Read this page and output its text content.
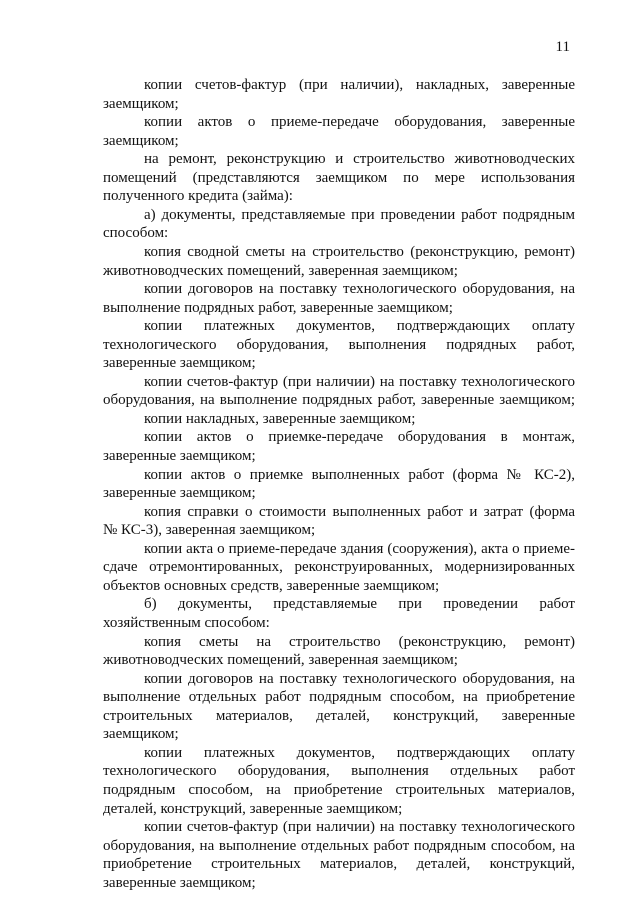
11
копии счетов-фактур (при наличии), накладных, заверенные
заемщиком;
копии актов о приеме-передаче оборудования, заверенные
заемщиком;
на ремонт, реконструкцию и строительство животноводческих
помещений (представляются заемщиком по мере использования
полученного кредита (займа):
а) документы, представляемые при проведении работ подрядным
способом:
копия сводной сметы на строительство (реконструкцию, ремонт)
животноводческих помещений, заверенная заемщиком;
копии договоров на поставку технологического оборудования, на
выполнение подрядных работ, заверенные заемщиком;
копии платежных документов, подтверждающих оплату
технологического оборудования, выполнения подрядных работ,
заверенные заемщиком;
копии счетов-фактур (при наличии) на поставку технологического
оборудования, на выполнение подрядных работ, заверенные заемщиком;
копии накладных, заверенные заемщиком;
копии актов о приемке-передаче оборудования в монтаж,
заверенные заемщиком;
копии актов о приемке выполненных работ (форма № КС-2),
заверенные заемщиком;
копия справки о стоимости выполненных работ и затрат (форма
№ КС-3), заверенная заемщиком;
копии акта о приеме-передаче здания (сооружения), акта о приеме-
сдаче отремонтированных, реконструированных, модернизированных
объектов основных средств, заверенные заемщиком;
б) документы, представляемые при проведении работ
хозяйственным способом:
копия сметы на строительство (реконструкцию, ремонт)
животноводческих помещений, заверенная заемщиком;
копии договоров на поставку технологического оборудования, на
выполнение отдельных работ подрядным способом, на приобретение
строительных материалов, деталей, конструкций, заверенные
заемщиком;
копии платежных документов, подтверждающих оплату
технологического оборудования, выполнения отдельных работ
подрядным способом, на приобретение строительных материалов,
деталей, конструкций, заверенные заемщиком;
копии счетов-фактур (при наличии) на поставку технологического
оборудования, на выполнение отдельных работ подрядным способом, на
приобретение строительных материалов, деталей, конструкций,
заверенные заемщиком;
